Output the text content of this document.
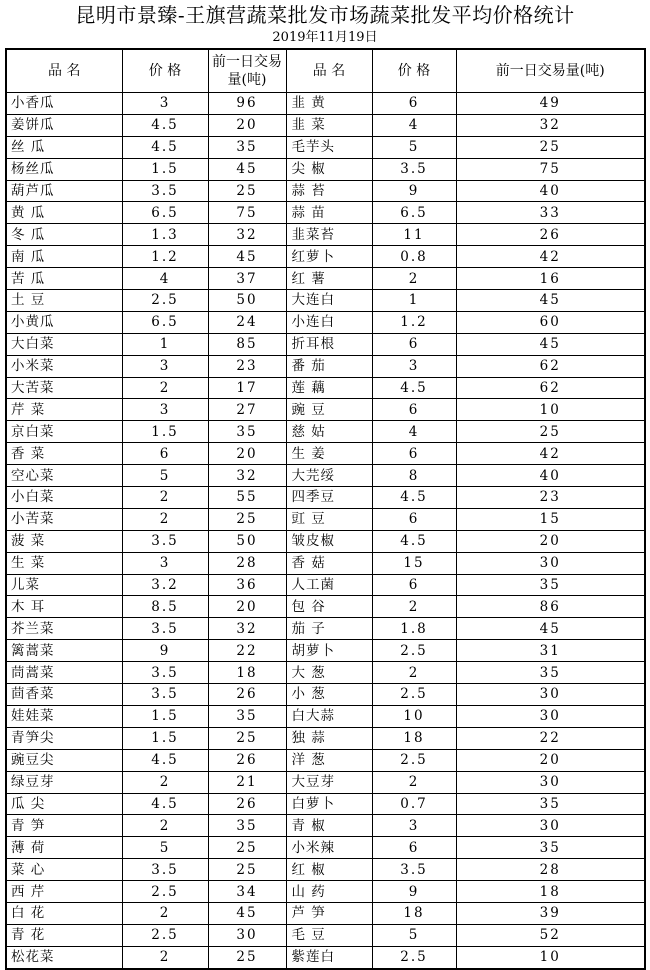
昆明市景臻-王旗营蔬菜批发市场蔬菜批发平均价格统计
2019年11月19日
品 名	价 格	前一日交易量(吨)	品 名	价 格	前一日交易量(吨)
小香瓜	3	96	韭 黄	6	49
姜饼瓜	4.5	20	韭 菜	4	32
丝 瓜	4.5	35	毛芋头	5	25
杨丝瓜	1.5	45	尖 椒	3.5	75
葫芦瓜	3.5	25	蒜 苔	9	40
黄 瓜	6.5	75	蒜 苗	6.5	33
冬 瓜	1.3	32	韭菜苔	11	26
南 瓜	1.2	45	红萝卜	0.8	42
苦 瓜	4	37	红 薯	2	16
土 豆	2.5	50	大连白	1	45
小黄瓜	6.5	24	小连白	1.2	60
大白菜	1	85	折耳根	6	45
小米菜	3	23	番 茄	3	62
大苦菜	2	17	莲 藕	4.5	62
芹 菜	3	27	豌 豆	6	10
京白菜	1.5	35	慈 姑	4	25
香 菜	6	20	生 姜	6	42
空心菜	5	32	大芫绥	8	40
小白菜	2	55	四季豆	4.5	23
小苦菜	2	25	豇 豆	6	15
菠 菜	3.5	50	皱皮椒	4.5	20
生 菜	3	28	香 菇	15	30
儿菜	3.2	36	人工菌	6	35
木 耳	8.5	20	包 谷	2	86
芥兰菜	3.5	32	茄 子	1.8	45
篱蒿菜	9	22	胡萝卜	2.5	31
茼蒿菜	3.5	18	大 葱	2	35
茴香菜	3.5	26	小 葱	2.5	30
娃娃菜	1.5	35	白大蒜	10	30
青笋尖	1.5	25	独 蒜	18	22
豌豆尖	4.5	26	洋 葱	2.5	20
绿豆芽	2	21	大豆芽	2	30
瓜 尖	4.5	26	白萝卜	0.7	35
青 笋	2	35	青 椒	3	30
薄 荷	5	25	小米辣	6	35
菜 心	3.5	25	红 椒	3.5	28
西 芹	2.5	34	山 药	9	18
白 花	2	45	芦 笋	18	39
青 花	2.5	30	毛 豆	5	52
松花菜	2	25	紫莲白	2.5	10
